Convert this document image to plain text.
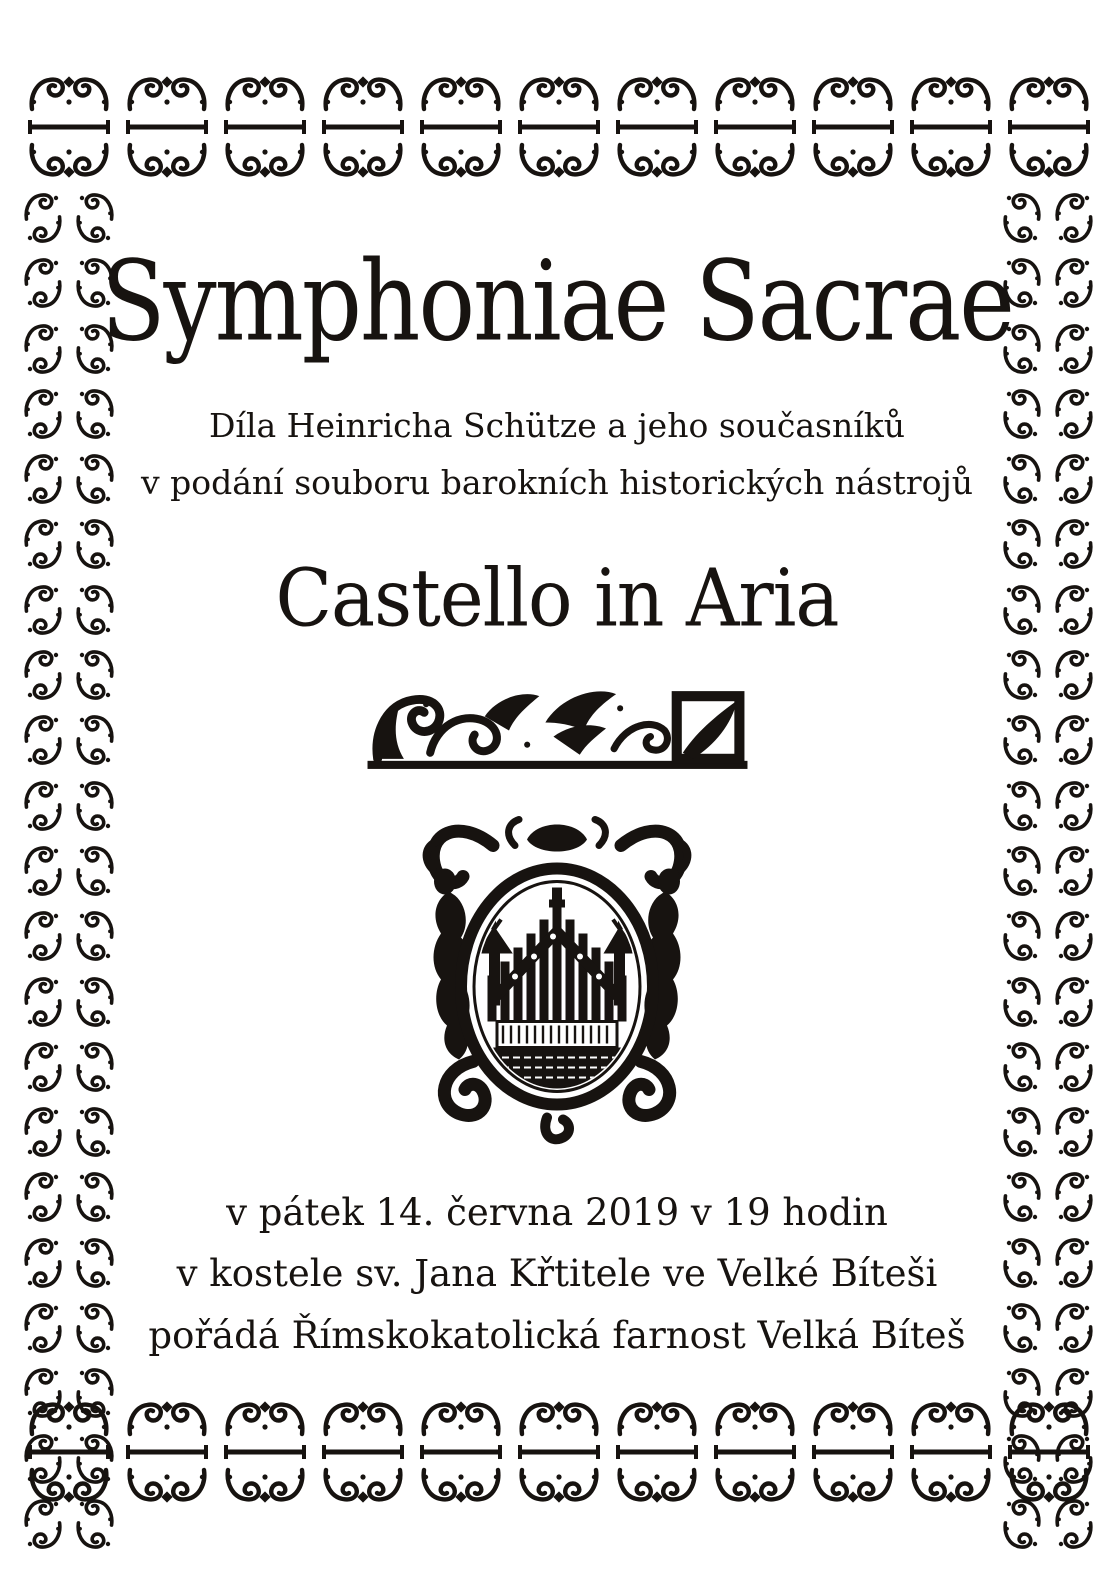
Symphoniae Sacrae
Díla Heinricha Schütze a jeho současníků
v podání souboru barokních historických nástrojů
Castello in Aria
v pátek 14. června 2019 v 19 hodin
v kostele sv. Jana Křtitele ve Velké Bíteši
pořádá Římskokatolická farnost Velká Bíteš
